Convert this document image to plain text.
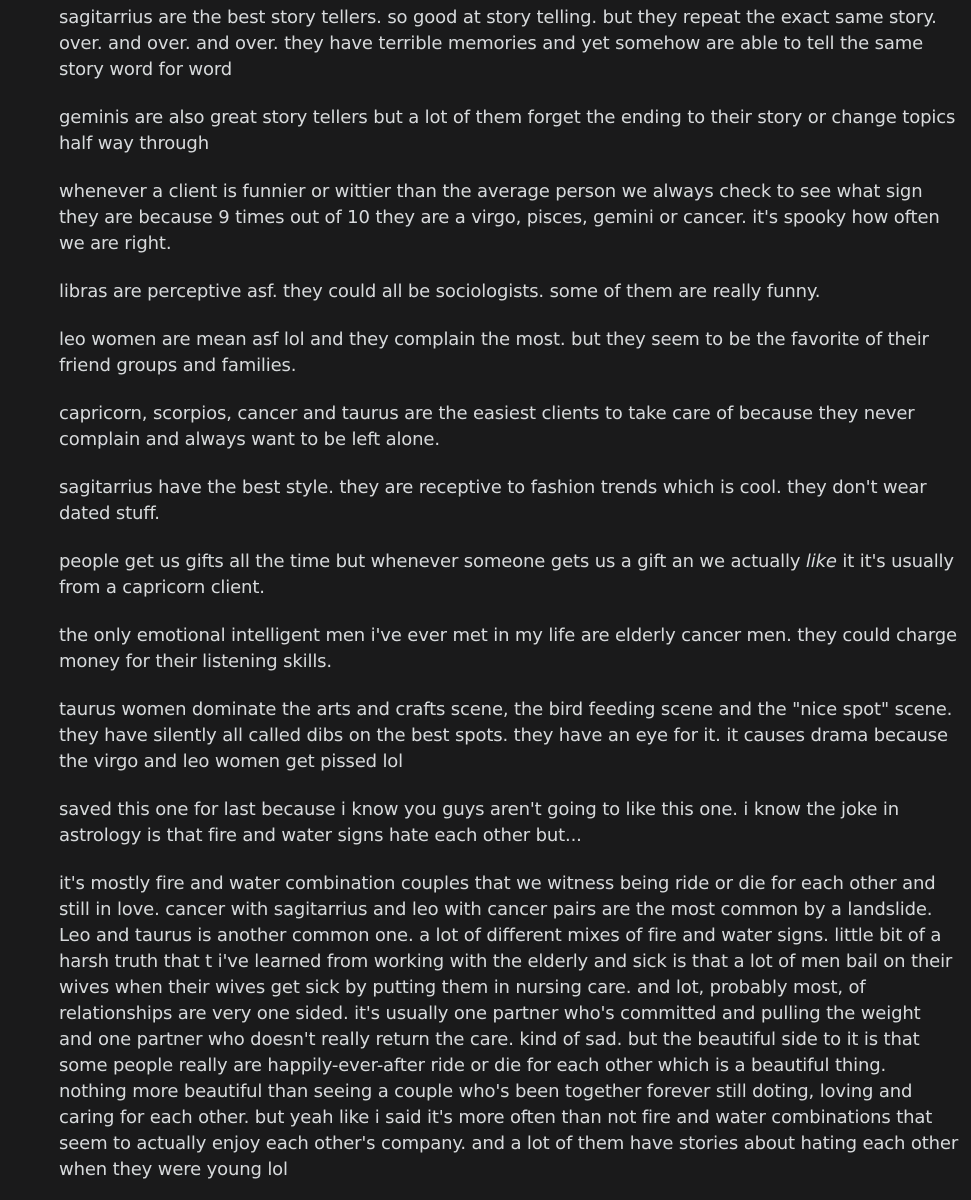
sagitarrius are the best story tellers. so good at story telling. but they repeat the exact same story. over. and over. and over. they have terrible memories and yet somehow are able to tell the same story word for word

geminis are also great story tellers but a lot of them forget the ending to their story or change topics half way through

whenever a client is funnier or wittier than the average person we always check to see what sign they are because 9 times out of 10 they are a virgo, pisces, gemini or cancer. it's spooky how often we are right.

libras are perceptive asf. they could all be sociologists. some of them are really funny.

leo women are mean asf lol and they complain the most. but they seem to be the favorite of their friend groups and families.

capricorn, scorpios, cancer and taurus are the easiest clients to take care of because they never complain and always want to be left alone.

sagitarrius have the best style. they are receptive to fashion trends which is cool. they don't wear dated stuff.

people get us gifts all the time but whenever someone gets us a gift an we actually like it it's usually from a capricorn client.

the only emotional intelligent men i've ever met in my life are elderly cancer men. they could charge money for their listening skills.

taurus women dominate the arts and crafts scene, the bird feeding scene and the "nice spot" scene. they have silently all called dibs on the best spots. they have an eye for it. it causes drama because the virgo and leo women get pissed lol

saved this one for last because i know you guys aren't going to like this one. i know the joke in astrology is that fire and water signs hate each other but...

it's mostly fire and water combination couples that we witness being ride or die for each other and still in love. cancer with sagitarrius and leo with cancer pairs are the most common by a landslide. Leo and taurus is another common one. a lot of different mixes of fire and water signs. little bit of a harsh truth that t i've learned from working with the elderly and sick is that a lot of men bail on their wives when their wives get sick by putting them in nursing care. and lot, probably most, of relationships are very one sided. it's usually one partner who's committed and pulling the weight and one partner who doesn't really return the care. kind of sad. but the beautiful side to it is that some people really are happily-ever-after ride or die for each other which is a beautiful thing. nothing more beautiful than seeing a couple who's been together forever still doting, loving and caring for each other. but yeah like i said it's more often than not fire and water combinations that seem to actually enjoy each other's company. and a lot of them have stories about hating each other when they were young lol
